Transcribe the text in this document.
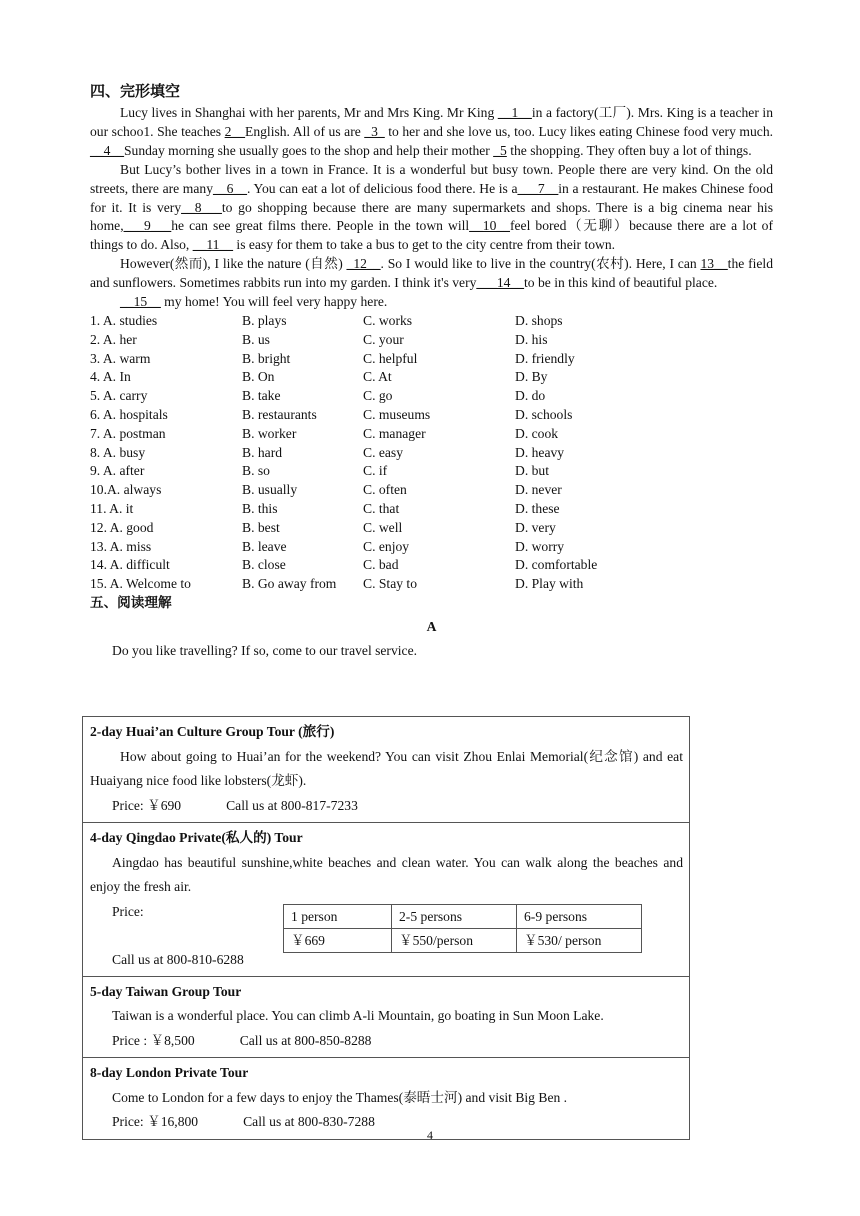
四、完形填空

Lucy lives in Shanghai with her parents, Mr and Mrs King. Mr King __1__in a factory(工厂). Mrs. King is a teacher in our schoo1. She teaches 2__English. All of us are _3_ to her and she love us, too. Lucy likes eating Chinese food very much. __4__Sunday morning she usually goes to the shop and help their mother _5 the shopping. They often buy a lot of things.

But Lucy’s bother lives in a town in France. It is a wonderful but busy town. People there are very kind. On the old streets, there are many__6__. You can eat a lot of delicious food there. He is a___7__in a restaurant. He makes Chinese food for it. It is very__8___to go shopping because there are many supermarkets and shops. There is a big cinema near his home,___9___he can see great films there. People in the town will__10__feel bored（无聊）because there are a lot of things to do. Also, __11__ is easy for them to take a bus to get to the city centre from their town.

However(然而), I like the nature (自然) _12__. So I would like to live in the country(农村). Here, I can 13__the field and sunflowers. Sometimes rabbits run into my garden. I think it's very___14__to be in this kind of beautiful place.

__15__ my home! You will feel very happy here.

1. A. studies	B. plays	C. works	D. shops
2. A. her	B. us	C. your	D. his
3. A. warm	B. bright	C. helpful	D. friendly
4. A. In	B. On	C. At	D. By
5. A. carry	B. take	C. go	D. do
6. A. hospitals	B. restaurants	C. museums	D. schools
7. A. postman	B. worker	C. manager	D. cook
8. A. busy	B. hard	C. easy	D. heavy
9. A. after	B. so	C. if	D. but
10.A. always	B. usually	C. often	D. never
11. A. it	B. this	C. that	D. these
12. A. good	B. best	C. well	D. very
13. A. miss	B. leave	C. enjoy	D. worry
14. A. difficult	B. close	C. bad	D. comfortable
15. A. Welcome to	B. Go away from	C. Stay to	D. Play with
五、阅读理解
A
Do you like travelling? If so, come to our travel service.
2-day Huai’an Culture Group Tour (旅行)

How about going to Huai’an for the weekend? You can visit Zhou Enlai Memorial(纪念馆) and eat Huaiyang nice food like lobsters(龙虾).

Price: ￥690	Call us at 800-817-7233
4-day Qingdao Private(私人的) Tour

Aingdao has beautiful sunshine,white beaches and clean water. You can walk along the beaches and enjoy the fresh air.

Price:	1 person	2-5 persons	6-9 persons
￥669	￥550/person	￥530/ person
Call us at 800-810-6288
5-day Taiwan Group Tour

Taiwan is a wonderful place. You can climb A-li Mountain, go boating in Sun Moon Lake.

Price : ￥8,500	Call us at 800-850-8288
8-day London Private Tour

Come to London for a few days to enjoy the Thames(泰晤士河) and visit Big Ben .

Price: ￥16,800	Call us at 800-830-7288
4
